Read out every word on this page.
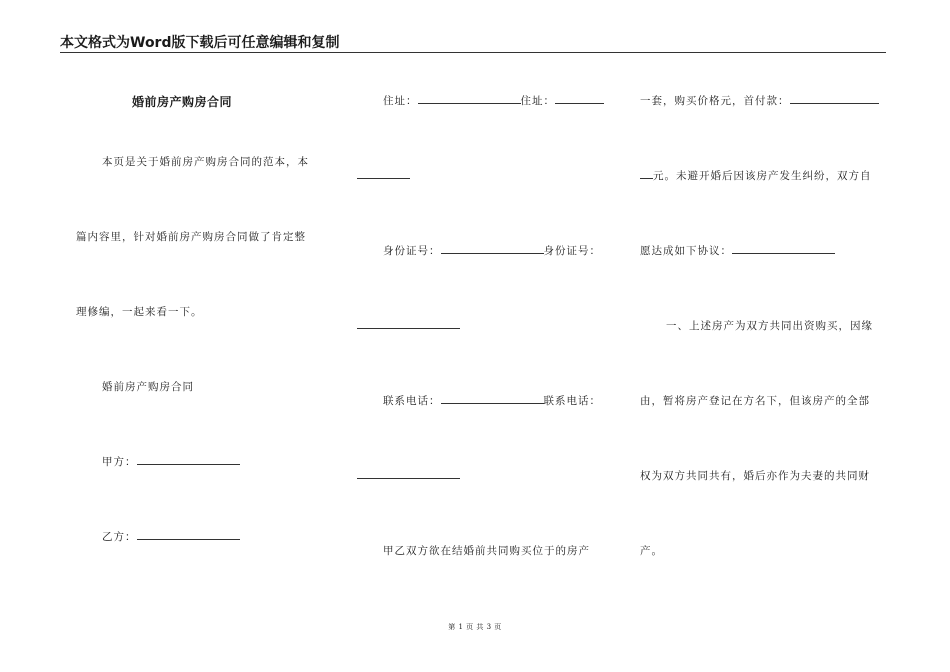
本文格式为Word版下载后可任意编辑和复制
婚前房产购房合同
本页是关于婚前房产购房合同的范本，本
篇内容里，针对婚前房产购房合同做了肯定整
理修编，一起来看一下。
婚前房产购房合同
甲方：
乙方：
住址：	住址：
身份证号：	身份证号：
联系电话：	联系电话：
甲乙双方欲在结婚前共同购买位于的房产
一套，购买价格元，首付款：
元。未避开婚后因该房产发生纠纷，双方自
愿达成如下协议：
一、上述房产为双方共同出资购买，因缘
由，暂将房产登记在方名下，但该房产的全部
权为双方共同共有，婚后亦作为夫妻的共同财
产。
第 1 页 共 3 页
